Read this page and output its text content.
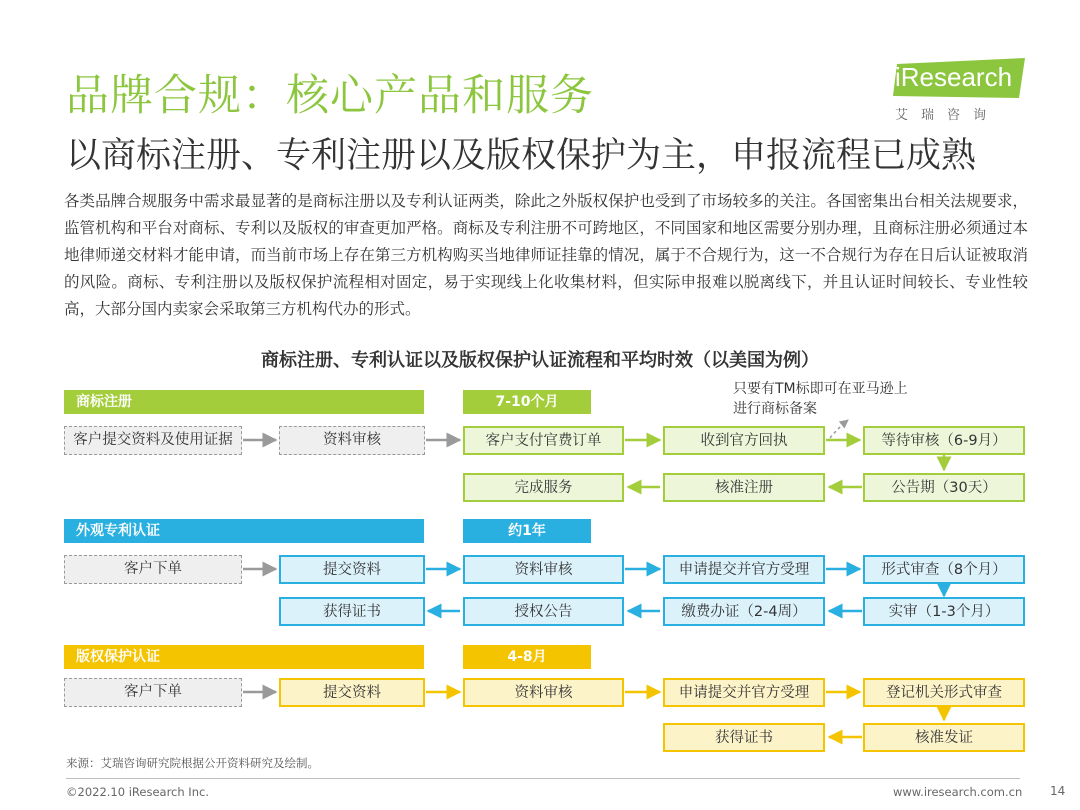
品牌合规：核心产品和服务
以商标注册、专利注册以及版权保护为主，申报流程已成熟
iResearch
艾瑞咨询
各类品牌合规服务中需求最显著的是商标注册以及专利认证两类，除此之外版权保护也受到了市场较多的关注。各国密集出台相关法规要求，监管机构和平台对商标、专利以及版权的审查更加严格。商标及专利注册不可跨地区，不同国家和地区需要分别办理，且商标注册必须通过本地律师递交材料才能申请，而当前市场上存在第三方机构购买当地律师证挂靠的情况，属于不合规行为，这一不合规行为存在日后认证被取消的风险。商标、专利注册以及版权保护流程相对固定，易于实现线上化收集材料，但实际申报难以脱离线下，并且认证时间较长、专业性较高，大部分国内卖家会采取第三方机构代办的形式。
商标注册、专利认证以及版权保护认证流程和平均时效（以美国为例）
只要有TM标即可在亚马逊上
进行商标备案
商标注册	7-10个月
客户提交资料及使用证据	资料审核	客户支付官费订单	收到官方回执	等待审核（6-9月）
完成服务	核准注册	公告期（30天）
外观专利认证	约1年
客户下单	提交资料	资料审核	申请提交并官方受理	形式审查（8个月）
获得证书	授权公告	缴费办证（2-4周）	实审（1-3个月）
版权保护认证	4-8月
客户下单	提交资料	资料审核	申请提交并官方受理	登记机关形式审查
获得证书	核准发证
来源：艾瑞咨询研究院根据公开资料研究及绘制。
©2022.10 iResearch Inc.	www.iresearch.com.cn 14
